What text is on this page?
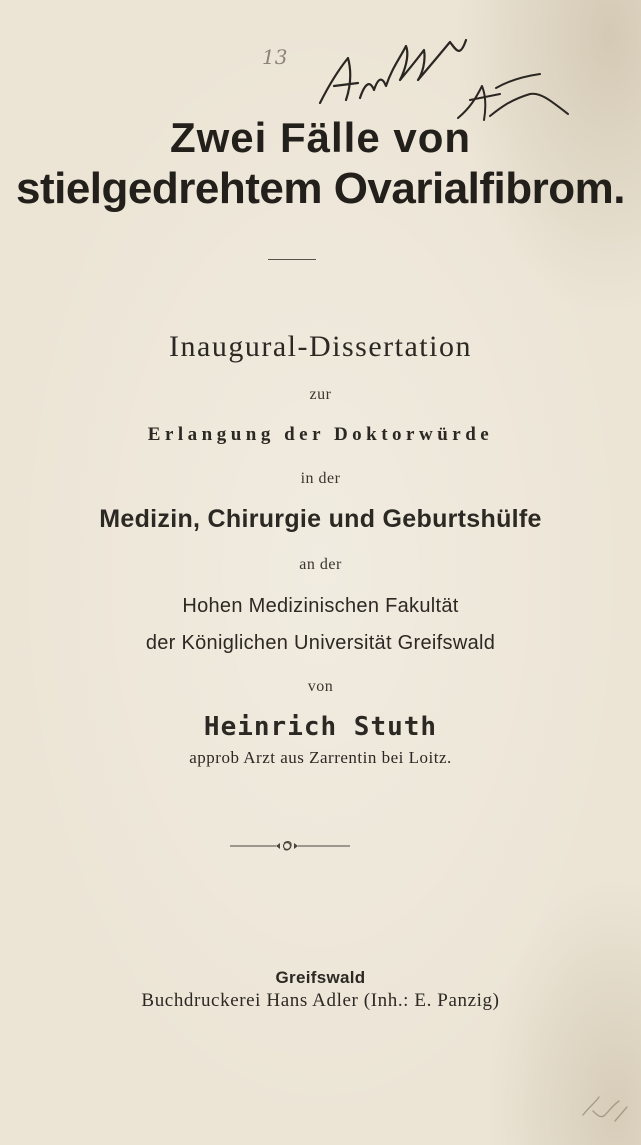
13
Zwei Fälle von
stielgedrehtem Ovarialfibrom.
Inaugural-Dissertation
zur
Erlangung der Doktorwürde
in der
Medizin, Chirurgie und Geburtshülfe
an der
Hohen Medizinischen Fakultät
der Königlichen Universität Greifswald
von
Heinrich Stuth
approb Arzt aus Zarrentin bei Loitz.
Greifswald
Buchdruckerei Hans Adler (Inh.: E. Panzig)
